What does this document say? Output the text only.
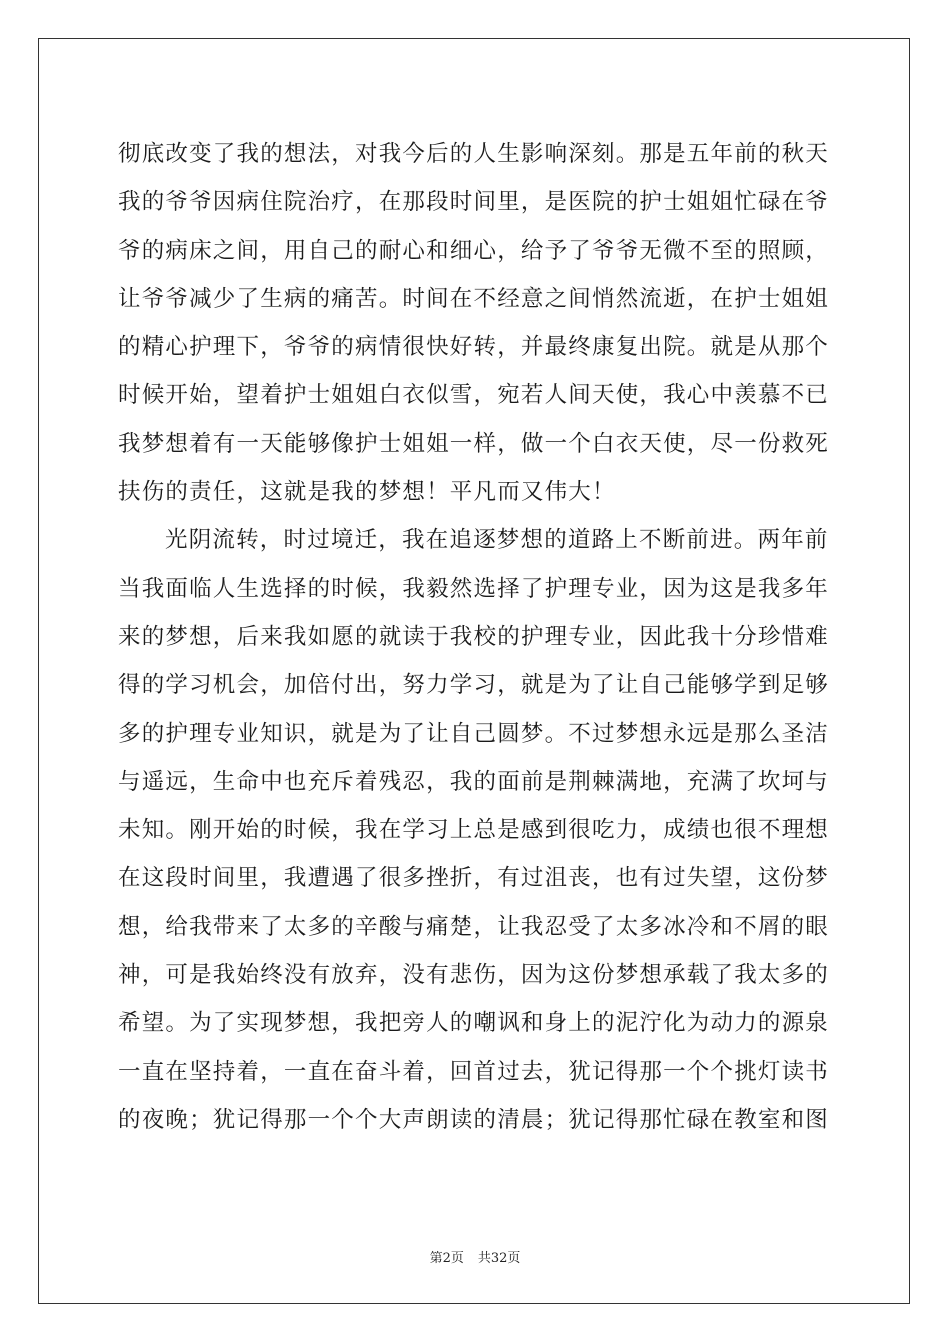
彻底改变了我的想法，对我今后的人生影响深刻。那是五年前的秋天
我的爷爷因病住院治疗，在那段时间里，是医院的护士姐姐忙碌在爷
爷的病床之间，用自己的耐心和细心，给予了爷爷无微不至的照顾，
让爷爷减少了生病的痛苦。时间在不经意之间悄然流逝，在护士姐姐
的精心护理下，爷爷的病情很快好转，并最终康复出院。就是从那个
时候开始，望着护士姐姐白衣似雪，宛若人间天使，我心中羡慕不已
我梦想着有一天能够像护士姐姐一样，做一个白衣天使，尽一份救死
扶伤的责任，这就是我的梦想！平凡而又伟大！
光阴流转，时过境迁，我在追逐梦想的道路上不断前进。两年前
当我面临人生选择的时候，我毅然选择了护理专业，因为这是我多年
来的梦想，后来我如愿的就读于我校的护理专业，因此我十分珍惜难
得的学习机会，加倍付出，努力学习，就是为了让自己能够学到足够
多的护理专业知识，就是为了让自己圆梦。不过梦想永远是那么圣洁
与遥远，生命中也充斥着残忍，我的面前是荆棘满地，充满了坎坷与
未知。刚开始的时候，我在学习上总是感到很吃力，成绩也很不理想
在这段时间里，我遭遇了很多挫折，有过沮丧，也有过失望，这份梦
想，给我带来了太多的辛酸与痛楚，让我忍受了太多冰冷和不屑的眼
神，可是我始终没有放弃，没有悲伤，因为这份梦想承载了我太多的
希望。为了实现梦想，我把旁人的嘲讽和身上的泥泞化为动力的源泉
一直在坚持着，一直在奋斗着，回首过去，犹记得那一个个挑灯读书
的夜晚；犹记得那一个个大声朗读的清晨；犹记得那忙碌在教室和图
第2页 共32页
